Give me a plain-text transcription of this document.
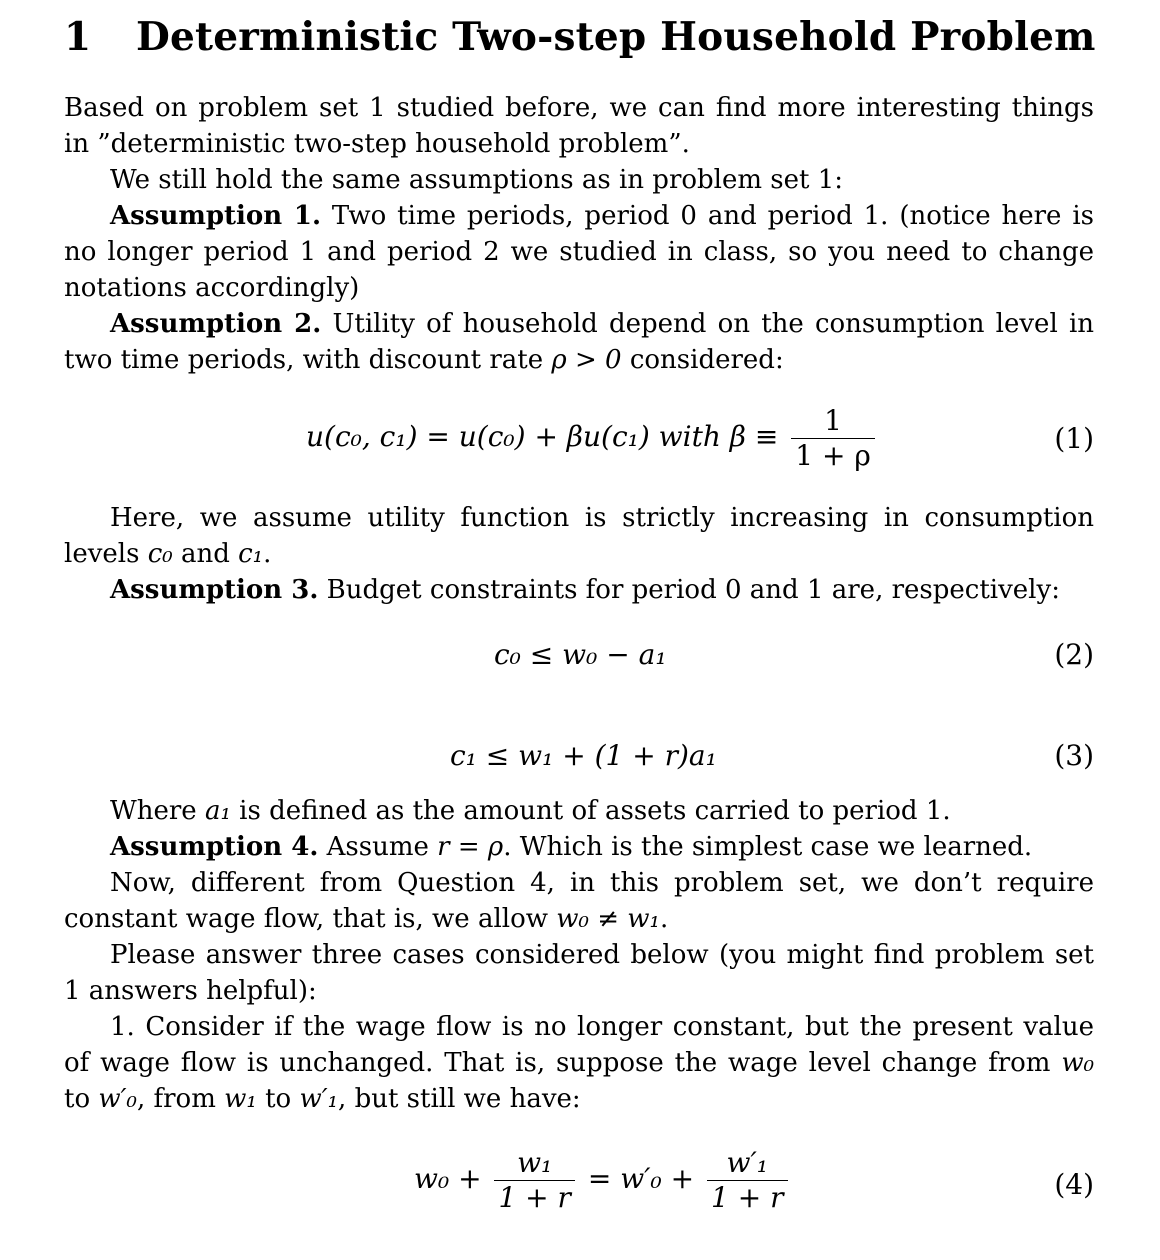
1 Deterministic Two-step Household Problem
Based on problem set 1 studied before, we can find more interesting things in ”deterministic two-step household problem”.
We still hold the same assumptions as in problem set 1:
Assumption 1. Two time periods, period 0 and period 1. (notice here is no longer period 1 and period 2 we studied in class, so you need to change notations accordingly)
Assumption 2. Utility of household depend on the consumption level in two time periods, with discount rate ρ > 0 considered:
u(c₀, c₁) = u(c₀) + βu(c₁) with $\beta \equiv \frac{1}{1 + \rho}$	(1)
Here, we assume utility function is strictly increasing in consumption levels c₀ and c₁.
Assumption 3. Budget constraints for period 0 and 1 are, respectively:
c₀ ≤ w₀ − a₁	(2)
c₁ ≤ w₁ + (1 + r)a₁	(3)
Where a₁ is defined as the amount of assets carried to period 1.
Assumption 4. Assume r = ρ. Which is the simplest case we learned.
Now, different from Question 4, in this problem set, we don’t require constant wage flow, that is, we allow w₀ ≠ w₁.
Please answer three cases considered below (you might find problem set 1 answers helpful):
1. Consider if the wage flow is no longer constant, but the present value of wage flow is unchanged. That is, suppose the wage level change from w₀ to w′₀, from w₁ to w′₁, but still we have:
$w_0 + \frac{\text{w₁}}{1 + r} = w'_0 + \frac{\text{w′₁}}{1 + r}$	(4)
